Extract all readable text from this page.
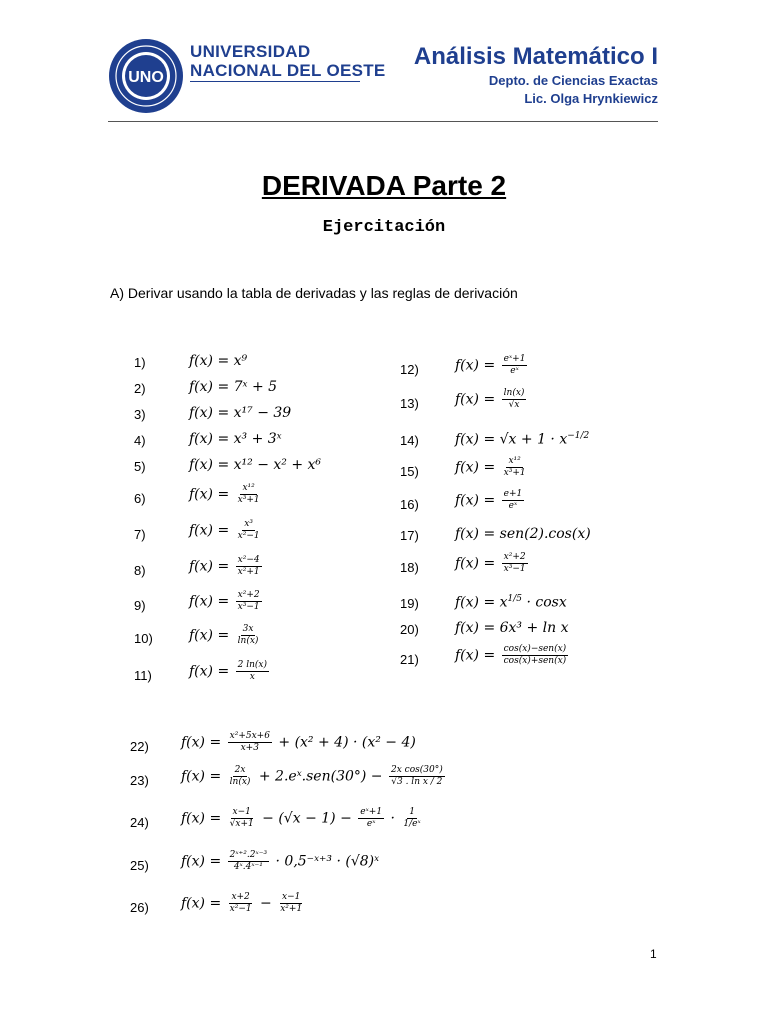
UNO
UNIVERSIDAD
NACIONAL DEL OESTE
Análisis Matemático I
Depto. de Ciencias Exactas
Lic. Olga Hrynkiewicz
DERIVADA Parte 2
Ejercitación
A) Derivar usando la tabla de derivadas y las reglas de derivación
1)	f(x) = x⁹
2)	f(x) = 7ˣ + 5
3)	f(x) = x¹⁷ − 39
4)	f(x) = x³ + 3ˣ
5)	f(x) = x¹² − x² + x⁶
6)	$f(x) = \frac{\text{x¹²}}{\text{x³+1}}$
7)	$f(x) = \frac{\text{x³}}{\text{x²−1}}$
8)	$f(x) = \frac{\text{x²−4}}{\text{x²+1}}$
9)	$f(x) = \frac{\text{x²+2}}{\text{x³−1}}$
10)	$f(x) = \frac{3x}{\ln(x)}$
11)	$f(x) = \frac{2 \ln(x)}{x}$
12)	$f(x) = \frac{\text{eˣ+1}}{\text{eˣ}}$
13)	$f(x) = \frac{\ln(x)}{√x}$
14)	$f(x) = √x + 1 \cdot x^{-1/2}$
15)	$f(x) = \frac{\text{x¹²}}{\text{x³+1}}$
16)	$f(x) = \frac{e+1}{\text{eˣ}}$
17)	f(x) = sen(2).cos(x)
18)	$f(x) = \frac{\text{x²+2}}{\text{x³−1}}$
19)	$f(x) = x^{1/5} \cdot \cos x$
20)	f(x) = 6x³ + ln x
21)	$f(x) = \frac{\text{cos(x)−sen(x)}}{\text{cos(x)+sen(x)}}$
22) $f(x) = \frac{\text{x²+5x+6}}{x+3} + (x^2 + 4) \cdot (x^2 - 4)$
23) $f(x) = \frac{2x}{\ln(x)}$ + 2.eˣ.sen(30°) − $\frac{\text{2x cos(30°)}}{\text{√3 . ln x / 2}}$
24) $f(x) = \frac{x-1}{√x+1} - (√x - 1) - \frac{\text{eˣ+1}}{\text{eˣ}} \cdot \frac{1}{\text{1/eˣ}}$
25) $f(x) = \frac{\text{2ˣ⁺².2ˣ⁻³}}{\text{4ˣ.4ˣ⁻¹}}$ · 0,5⁻ˣ⁺³ · (√8)ˣ
26) $f(x) = \frac{x+2}{\text{x²−1}} - \frac{x-1}{\text{x²+1}}$
1
